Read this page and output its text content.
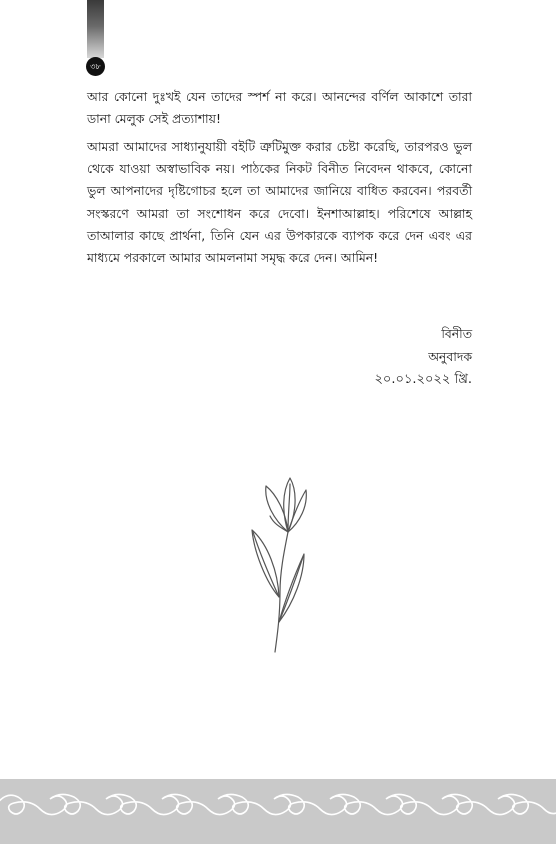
৩৮

আর কোনো দুঃখই যেন তাদের স্পর্শ না করে। আনন্দের বর্ণিল আকাশে তারা ডানা মেলুক সেই প্রত্যাশায়!

আমরা আমাদের সাধ্যানুযায়ী বইটি ত্রুটিমুক্ত করার চেষ্টা করেছি, তারপরও ভুল থেকে যাওয়া অস্বাভাবিক নয়। পাঠকের নিকট বিনীত নিবেদন থাকবে, কোনো ভুল আপনাদের দৃষ্টিগোচর হলে তা আমাদের জানিয়ে বাধিত করবেন। পরবর্তী সংস্করণে আমরা তা সংশোধন করে দেবো। ইনশাআল্লাহ। পরিশেষে আল্লাহ তাআলার কাছে প্রার্থনা, তিনি যেন এর উপকারকে ব্যাপক করে দেন এবং এর মাধ্যমে পরকালে আমার আমলনামা সমৃদ্ধ করে দেন। আমিন!

বিনীত
অনুবাদক
২০.০১.২০২২ খ্রি.
